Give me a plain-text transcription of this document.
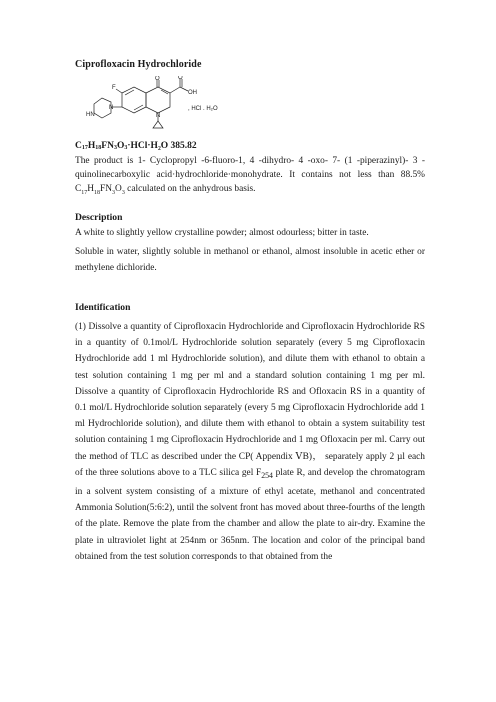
Ciprofloxacin Hydrochloride
O	O
OH
F
N
N
HN
, HCl . H₂O
$C_{17}H_{18}FN_3O_3\cdot HCl\cdot H_2O$ 385.82

The product is 1- Cyclopropyl -6-fluoro-1, 4 -dihydro- 4 -oxo- 7- (1 -piperazinyl)- 3 -quinolinecarboxylic acid·hydrochloride·monohydrate. It contains not less than 88.5% $C_{17}H_{18}FN_3O_3$ calculated on the anhydrous basis.

Description

A white to slightly yellow crystalline powder; almost odourless; bitter in taste.

Soluble in water, slightly soluble in methanol or ethanol, almost insoluble in acetic ether or methylene dichloride.

Identification

(1) Dissolve a quantity of Ciprofloxacin Hydrochloride and Ciprofloxacin Hydrochloride RS in a quantity of 0.1mol/L Hydrochloride solution separately (every 5 mg Ciprofloxacin Hydrochloride add 1 ml Hydrochloride solution), and dilute them with ethanol to obtain a test solution containing 1 mg per ml and a standard solution containing 1 mg per ml. Dissolve a quantity of Ciprofloxacin Hydrochloride RS and Ofloxacin RS in a quantity of 0.1 mol/L Hydrochloride solution separately (every 5 mg Ciprofloxacin Hydrochloride add 1 ml Hydrochloride solution), and dilute them with ethanol to obtain a system suitability test solution containing 1 mg Ciprofloxacin Hydrochloride and 1 mg Ofloxacin per ml. Carry out the method of TLC as described under the CP( Appendix ⅤB)， separately apply 2 µl each of the three solutions above to a TLC silica gel $F_{254}$ plate R, and develop the chromatogram in a solvent system consisting of a mixture of ethyl acetate, methanol and concentrated Ammonia Solution(5:6:2), until the solvent front has moved about three-fourths of the length of the plate. Remove the plate from the chamber and allow the plate to air-dry. Examine the plate in ultraviolet light at 254nm or 365nm. The location and color of the principal band obtained from the test solution corresponds to that obtained from the
